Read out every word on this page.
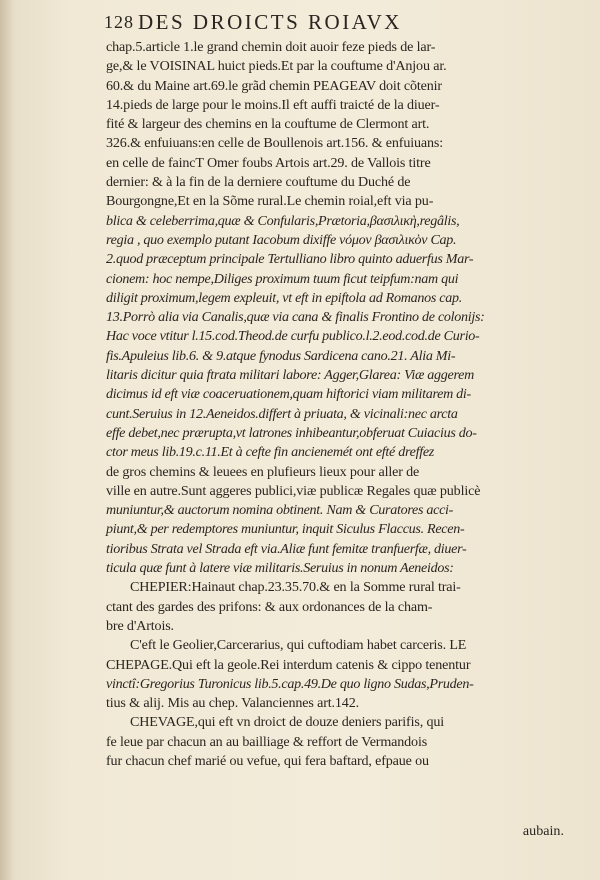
128 DES DROICTS ROIAVX
chap.5.article 1.le grand chemin doit auoir feze pieds de lar-
ge,& le VOISINAL huict pieds.Et par la couftume d'Anjou ar.
60.& du Maine art.69.le grãd chemin PEAGEAV doit cõtenir
14.pieds de large pour le moins.Il eft auffi traicté de la diuer-
fité & largeur des chemins en la couftume de Clermont art.
326.& enfuiuans:en celle de Boullenois art.156. & enfuiuans:
en celle de faincT Omer foubs Artois art.29. de Vallois titre
dernier: & à la fin de la derniere couftume du Duché de
Bourgongne,Et en la Sõme rural.Le chemin roial,eft via pu-
blica & celeberrima,quæ & Confularis,Prætoria,βασιλικὴ,regâlis,
regia , quo exemplo putant Iacobum dixiffe νόμον βασιλικὸν Cap.
2.quod præceptum principale Tertulliano libro quinto aduerfus Mar-
cionem: hoc nempe,Diliges proximum tuum ficut teipfum:nam qui
diligit proximum,legem expleuit, vt eft in epiftola ad Romanos cap.
13.Porrò alia via Canalis,quæ via cana & finalis Frontino de colonijs:
Hac voce vtitur l.15.cod.Theod.de curfu publico.l.2.eod.cod.de Curio-
fis.Apuleius lib.6. & 9.atque fynodus Sardicena cano.21. Alia Mi-
litaris dicitur quia ftrata militari labore: Agger,Glarea: Viæ aggerem
dicimus id eft viæ coaceruationem,quam hiftorici viam militarem di-
cunt.Seruius in 12.Aeneidos.differt à priuata, & vicinali:nec arcta
effe debet,nec prærupta,vt latrones inhibeantur,obferuat Cuiacius do-
ctor meus lib.19.c.11.Et à cefte fin ancienemét ont efté dreffez
de gros chemins & leuees en plufieurs lieux pour aller de
ville en autre.Sunt aggeres publici,viæ publicæ Regales quæ publicè
muniuntur,& auctorum nomina obtinent. Nam & Curatores acci-
piunt,& per redemptores muniuntur, inquit Siculus Flaccus. Recen-
tioribus Strata vel Strada eft via.Aliæ funt femitæ tranfuerfæ, diuer-
ticula quæ funt à latere viæ militaris.Seruius in nonum Aeneidos:
CHEPIER:Hainaut chap.23.35.70.& en la Somme rural trai-
ctant des gardes des prifons: & aux ordonances de la cham-
bre d'Artois.
C'eft le Geolier,Carcerarius, qui cuftodiam habet carceris. LE
CHEPAGE.Qui eft la geole.Rei interdum catenis & cippo tenentur
vinctî:Gregorius Turonicus lib.5.cap.49.De quo ligno Sudas,Pruden-
tius & alij. Mis au chep. Valanciennes art.142.
CHEVAGE,qui eft vn droict de douze deniers parifis, qui
fe leue par chacun an au bailliage & reffort de Vermandois
fur chacun chef marié ou vefue, qui fera baftard, efpaue ou
aubain.
